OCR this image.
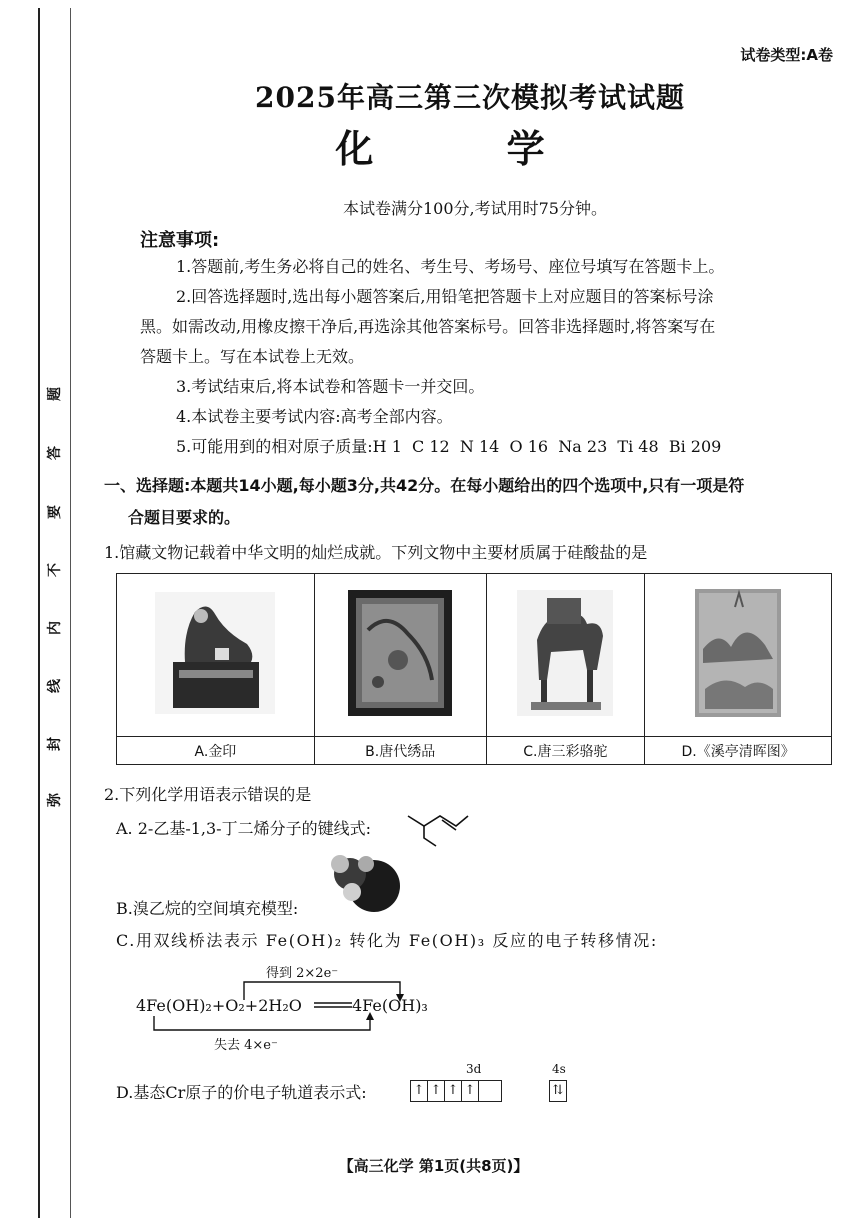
题
答
要
不
内
线
封
弥
试卷类型:A卷
2025年高三第三次模拟考试试题
化 学
本试卷满分100分,考试用时75分钟。
注意事项:
1.答题前,考生务必将自己的姓名、考生号、考场号、座位号填写在答题卡上。
2.回答选择题时,选出每小题答案后,用铅笔把答题卡上对应题目的答案标号涂
黑。如需改动,用橡皮擦干净后,再选涂其他答案标号。回答非选择题时,将答案写在
答题卡上。写在本试卷上无效。
3.考试结束后,将本试卷和答题卡一并交回。
4.本试卷主要考试内容:高考全部内容。
5.可能用到的相对原子质量:H 1  C 12  N 14  O 16  Na 23  Ti 48  Bi 209
一、选择题:本题共14小题,每小题3分,共42分。在每小题给出的四个选项中,只有一项是符
合题目要求的。
1.馆藏文物记载着中华文明的灿烂成就。下列文物中主要材质属于硅酸盐的是

A.金印	B.唐代绣品	C.唐三彩骆驼	D.《溪亭清晖图》
2.下列化学用语表示错误的是
A. 2-乙基-1,3-丁二烯分子的键线式:
B.溴乙烷的空间填充模型:
C.用双线桥法表示 Fe(OH)₂ 转化为 Fe(OH)₃ 反应的电子转移情况:
得到 2×2e⁻
4Fe(OH)₂+O₂+2H₂O	4Fe(OH)₃
失去 4×e⁻
D.基态Cr原子的价电子轨道表示式:
3d	4s
↑ ↑ ↑ ↑	⇅
【高三化学 第1页(共8页)】
